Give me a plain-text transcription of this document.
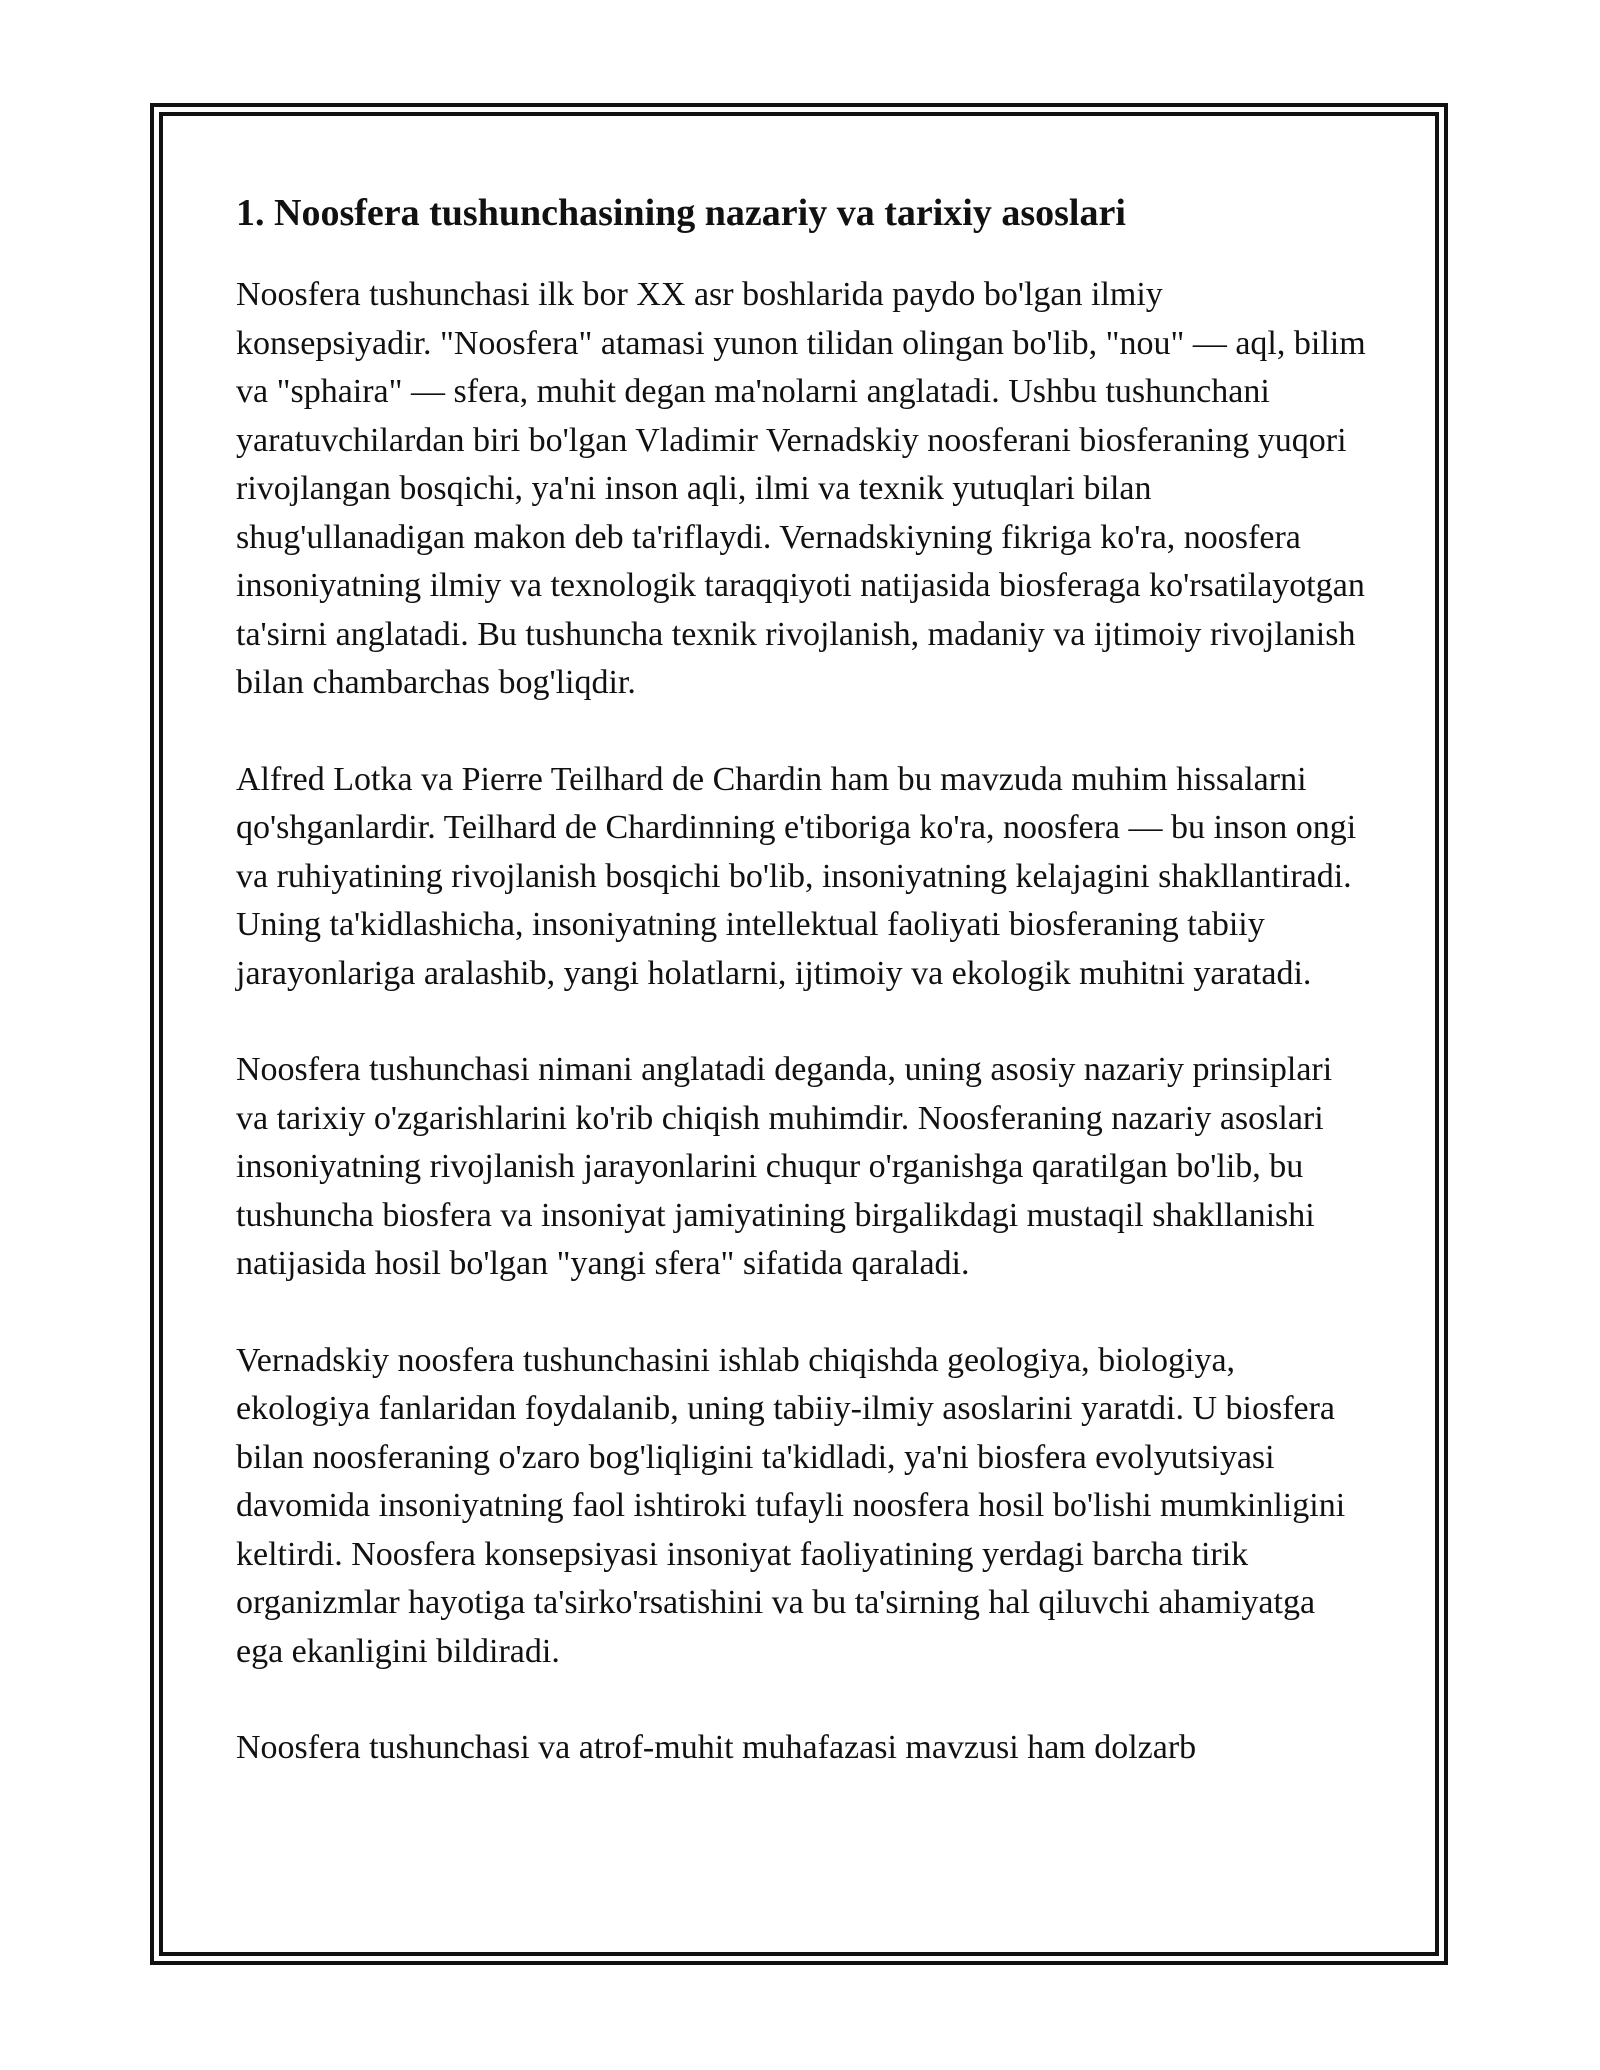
1. Noosfera tushunchasining nazariy va tarixiy asoslari

Noosfera tushunchasi ilk bor XX asr boshlarida paydo bo'lgan ilmiy konsepsiyadir. "Noosfera" atamasi yunon tilidan olingan bo'lib, "nou" — aql, bilim va "sphaira" — sfera, muhit degan ma'nolarni anglatadi. Ushbu tushunchani yaratuvchilardan biri bo'lgan Vladimir Vernadskiy noosferani biosferaning yuqori rivojlangan bosqichi, ya'ni inson aqli, ilmi va texnik yutuqlari bilan shug'ullanadigan makon deb ta'riflaydi. Vernadskiyning fikriga ko'ra, noosfera insoniyatning ilmiy va texnologik taraqqiyoti natijasida biosferaga ko'rsatilayotgan ta'sirni anglatadi. Bu tushuncha texnik rivojlanish, madaniy va ijtimoiy rivojlanish bilan chambarchas bog'liqdir.

Alfred Lotka va Pierre Teilhard de Chardin ham bu mavzuda muhim hissalarni qo'shganlardir. Teilhard de Chardinning e'tiboriga ko'ra, noosfera — bu inson ongi va ruhiyatining rivojlanish bosqichi bo'lib, insoniyatning kelajagini shakllantiradi. Uning ta'kidlashicha, insoniyatning intellektual faoliyati biosferaning tabiiy jarayonlariga aralashib, yangi holatlarni, ijtimoiy va ekologik muhitni yaratadi.

Noosfera tushunchasi nimani anglatadi deganda, uning asosiy nazariy prinsiplari va tarixiy o'zgarishlarini ko'rib chiqish muhimdir. Noosferaning nazariy asoslari insoniyatning rivojlanish jarayonlarini chuqur o'rganishga qaratilgan bo'lib, bu tushuncha biosfera va insoniyat jamiyatining birgalikdagi mustaqil shakllanishi natijasida hosil bo'lgan "yangi sfera" sifatida qaraladi.

Vernadskiy noosfera tushunchasini ishlab chiqishda geologiya, biologiya, ekologiya fanlaridan foydalanib, uning tabiiy-ilmiy asoslarini yaratdi. U biosfera bilan noosferaning o'zaro bog'liqligini ta'kidladi, ya'ni biosfera evolyutsiyasi davomida insoniyatning faol ishtiroki tufayli noosfera hosil bo'lishi mumkinligini keltirdi. Noosfera konsepsiyasi insoniyat faoliyatining yerdagi barcha tirik organizmlar hayotiga ta'sirko'rsatishini va bu ta'sirning hal qiluvchi ahamiyatga ega ekanligini bildiradi.

Noosfera tushunchasi va atrof-muhit muhafazasi mavzusi ham dolzarb
